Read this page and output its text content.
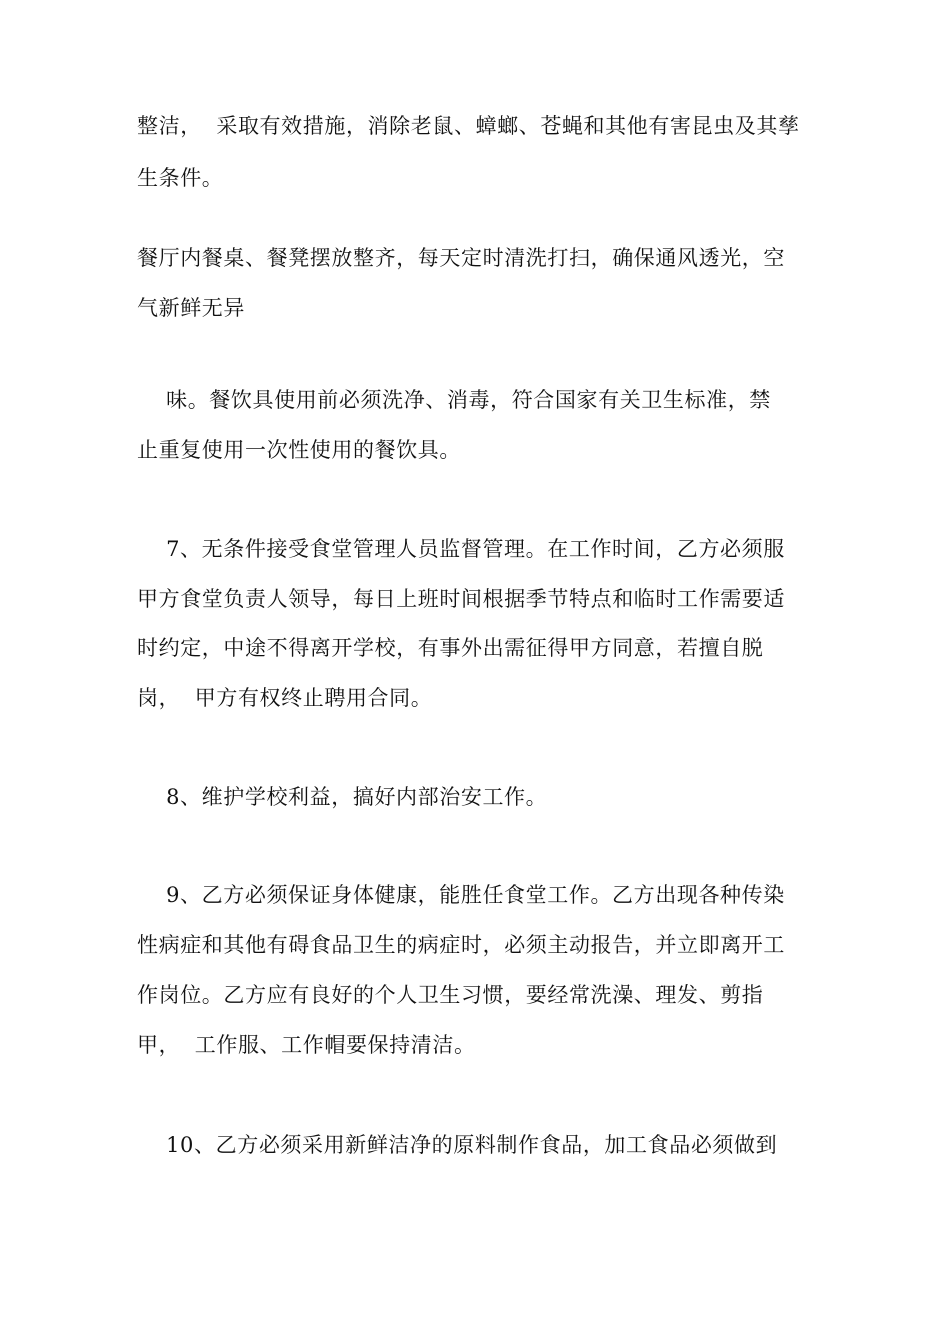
整洁，  采取有效措施，消除老鼠、蟑螂、苍蝇和其他有害昆虫及其孳
生条件。
餐厅内餐桌、餐凳摆放整齐，每天定时清洗打扫，确保通风透光，空
气新鲜无异
味。餐饮具使用前必须洗净、消毒，符合国家有关卫生标准，禁
止重复使用一次性使用的餐饮具。
7、无条件接受食堂管理人员监督管理。在工作时间，乙方必须服
甲方食堂负责人领导，每日上班时间根据季节特点和临时工作需要适
时约定，中途不得离开学校，有事外出需征得甲方同意，若擅自脱
岗，  甲方有权终止聘用合同。
8、维护学校利益，搞好内部治安工作。
9、乙方必须保证身体健康，能胜任食堂工作。乙方出现各种传染
性病症和其他有碍食品卫生的病症时，必须主动报告，并立即离开工
作岗位。乙方应有良好的个人卫生习惯，要经常洗澡、理发、剪指
甲，  工作服、工作帽要保持清洁。
10、乙方必须采用新鲜洁净的原料制作食品，加工食品必须做到
